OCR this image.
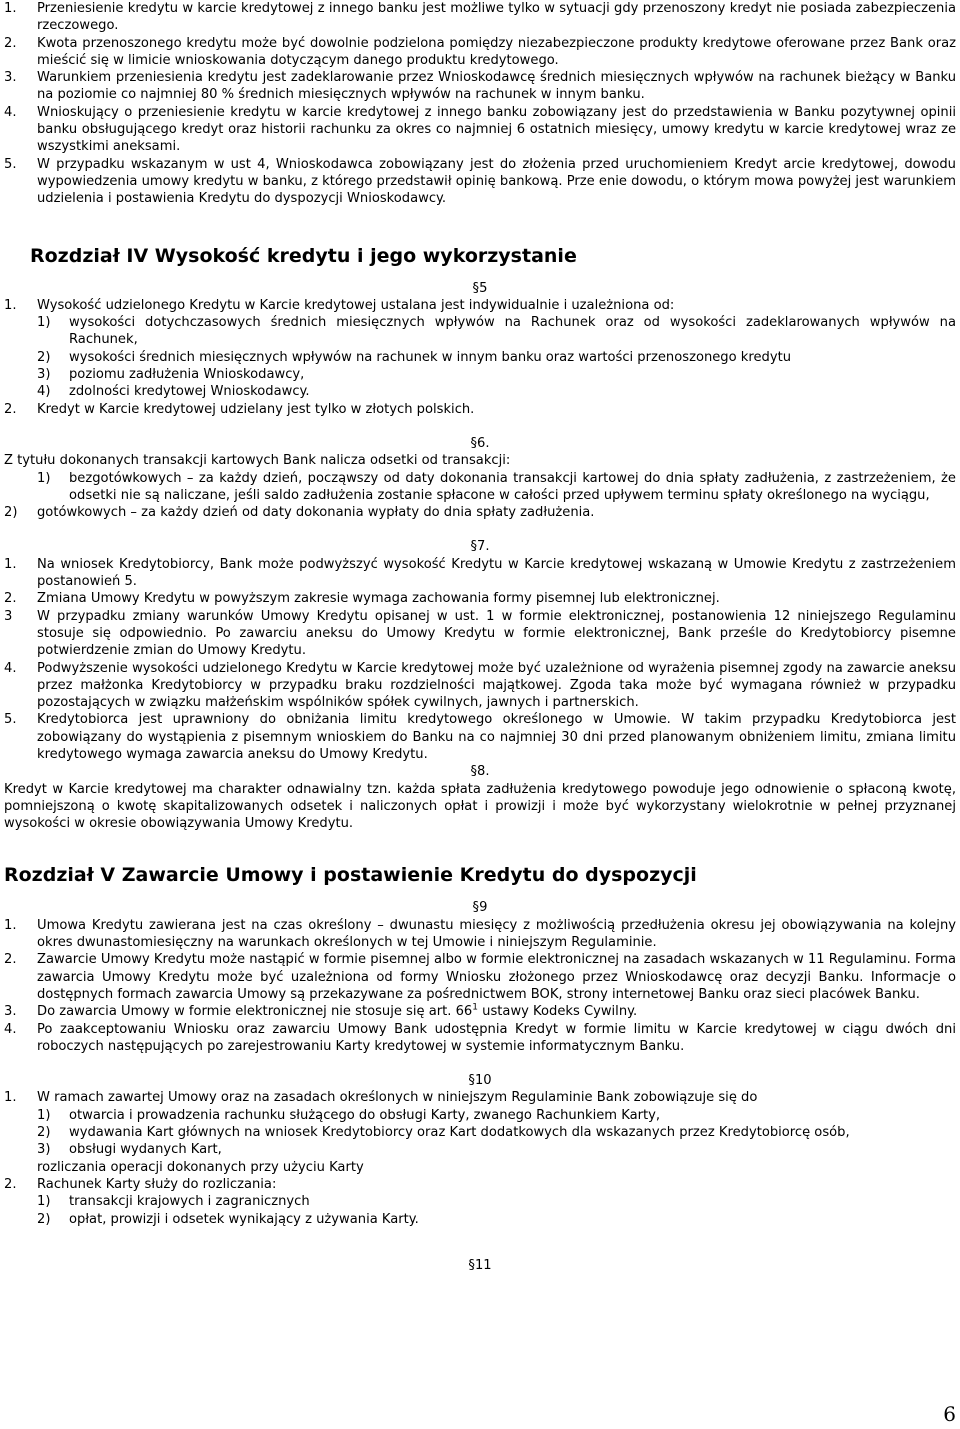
1. Przeniesienie kredytu w karcie kredytowej z innego banku jest możliwe tylko w sytuacji gdy przenoszony kredyt nie posiada zabezpieczenia rzeczowego.
2. Kwota przenoszonego kredytu może być dowolnie podzielona pomiędzy niezabezpieczone produkty kredytowe oferowane przez Bank oraz mieścić się w limicie wnioskowania dotyczącym danego produktu kredytowego.
3. Warunkiem przeniesienia kredytu jest zadeklarowanie przez Wnioskodawcę średnich miesięcznych wpływów na rachunek bieżący w Banku na poziomie co najmniej 80 % średnich miesięcznych wpływów na rachunek w innym banku.
4. Wnioskujący o przeniesienie kredytu w karcie kredytowej z innego banku zobowiązany jest do przedstawienia w Banku pozytywnej opinii banku obsługującego kredyt oraz historii rachunku za okres co najmniej 6 ostatnich miesięcy, umowy kredytu w karcie kredytowej wraz ze wszystkimi aneksami.
5. W przypadku wskazanym w ust 4, Wnioskodawca zobowiązany jest do złożenia przed uruchomieniem Kredyt arcie kredytowej, dowodu wypowiedzenia umowy kredytu w banku, z którego przedstawił opinię bankową. Prze enie dowodu, o którym mowa powyżej jest warunkiem udzielenia i postawienia Kredytu do dyspozycji Wnioskodawcy.
Rozdział IV Wysokość kredytu i jego wykorzystanie
§5
1. Wysokość udzielonego Kredytu w Karcie kredytowej ustalana jest indywidualnie i uzależniona od:
1) wysokości dotychczasowych średnich miesięcznych wpływów na Rachunek oraz od wysokości zadeklarowanych wpływów na Rachunek,
2) wysokości średnich miesięcznych wpływów na rachunek w innym banku oraz wartości przenoszonego kredytu
3) poziomu zadłużenia Wnioskodawcy,
4) zdolności kredytowej Wnioskodawcy.
2. Kredyt w Karcie kredytowej udzielany jest tylko w złotych polskich.
§6.
Z tytułu dokonanych transakcji kartowych Bank nalicza odsetki od transakcji:
1) bezgotówkowych – za każdy dzień, począwszy od daty dokonania transakcji kartowej do dnia spłaty zadłużenia, z zastrzeżeniem, że odsetki nie są naliczane, jeśli saldo zadłużenia zostanie spłacone w całości przed upływem terminu spłaty określonego na wyciągu,
2) gotówkowych – za każdy dzień od daty dokonania wypłaty do dnia spłaty zadłużenia.
§7.
1. Na wniosek Kredytobiorcy, Bank może podwyższyć wysokość Kredytu w Karcie kredytowej wskazaną w Umowie Kredytu z zastrzeżeniem postanowień 5.
2. Zmiana Umowy Kredytu w powyższym zakresie wymaga zachowania formy pisemnej lub elektronicznej.
3 W przypadku zmiany warunków Umowy Kredytu opisanej w ust. 1 w formie elektronicznej, postanowienia 12 niniejszego Regulaminu stosuje się odpowiednio. Po zawarciu aneksu do Umowy Kredytu w formie elektronicznej, Bank prześle do Kredytobiorcy pisemne potwierdzenie zmian do Umowy Kredytu.
4. Podwyższenie wysokości udzielonego Kredytu w Karcie kredytowej może być uzależnione od wyrażenia pisemnej zgody na zawarcie aneksu przez małżonka Kredytobiorcy w przypadku braku rozdzielności majątkowej. Zgoda taka może być wymagana również w przypadku pozostających w związku małżeńskim wspólników spółek cywilnych, jawnych i partnerskich.
5. Kredytobiorca jest uprawniony do obniżania limitu kredytowego określonego w Umowie. W takim przypadku Kredytobiorca jest zobowiązany do wystąpienia z pisemnym wnioskiem do Banku na co najmniej 30 dni przed planowanym obniżeniem limitu, zmiana limitu kredytowego wymaga zawarcia aneksu do Umowy Kredytu.
§8.
Kredyt w Karcie kredytowej ma charakter odnawialny tzn. każda spłata zadłużenia kredytowego powoduje jego odnowienie o spłaconą kwotę, pomniejszoną o kwotę skapitalizowanych odsetek i naliczonych opłat i prowizji i może być wykorzystany wielokrotnie w pełnej przyznanej wysokości w okresie obowiązywania Umowy Kredytu.
Rozdział V Zawarcie Umowy i postawienie Kredytu do dyspozycji
§9
1. Umowa Kredytu zawierana jest na czas określony – dwunastu miesięcy z możliwością przedłużenia okresu jej obowiązywania na kolejny okres dwunastomiesięczny na warunkach określonych w tej Umowie i niniejszym Regulaminie.
2. Zawarcie Umowy Kredytu może nastąpić w formie pisemnej albo w formie elektronicznej na zasadach wskazanych w 11 Regulaminu. Forma zawarcia Umowy Kredytu może być uzależniona od formy Wniosku złożonego przez Wnioskodawcę oraz decyzji Banku. Informacje o dostępnych formach zawarcia Umowy są przekazywane za pośrednictwem BOK, strony internetowej Banku oraz sieci placówek Banku.
3. Do zawarcia Umowy w formie elektronicznej nie stosuje się art. $66^1$ ustawy Kodeks Cywilny.
4. Po zaakceptowaniu Wniosku oraz zawarciu Umowy Bank udostępnia Kredyt w formie limitu w Karcie kredytowej w ciągu dwóch dni roboczych następujących po zarejestrowaniu Karty kredytowej w systemie informatycznym Banku.
§10
1. W ramach zawartej Umowy oraz na zasadach określonych w niniejszym Regulaminie Bank zobowiązuje się do
1) otwarcia i prowadzenia rachunku służącego do obsługi Karty, zwanego Rachunkiem Karty,
2) wydawania Kart głównych na wniosek Kredytobiorcy oraz Kart dodatkowych dla wskazanych przez Kredytobiorcę osób,
3) obsługi wydanych Kart,
rozliczania operacji dokonanych przy użyciu Karty
2. Rachunek Karty służy do rozliczania:
1) transakcji krajowych i zagranicznych
2) opłat, prowizji i odsetek wynikający z używania Karty.
§11
6
